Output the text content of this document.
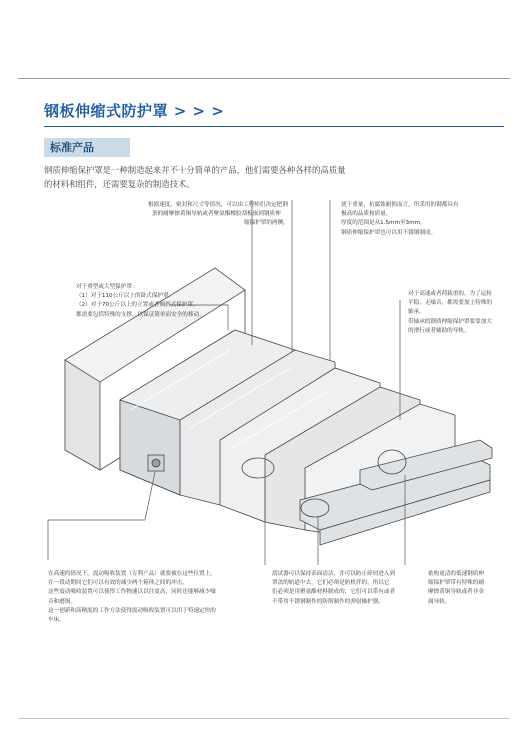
钢板伸缩式防护罩 > > >
标准产品
钢质伸缩保护罩是一种制造起来并不十分简单的产品，他们需要各种各样的高质量
的材料和组件，还需要复杂的制造技术。

根据速度，密封和尺寸等情况，可以由工程师们决定把钢

条的耐摩擦黄铜导轨或者聚氨酯橡胶刮板嵌到钢质伸

缩保护罩的两侧。

就干重量，抗腐蚀耐损而言，所采用的钢都具有

极高的品质和质量。

厚度的范围是从1.5mm至3mm，

钢质伸缩保护罩也可以用不锈钢制成。

对于重型或大型保护罩：

（1）对于110公斤以上的卧式保护罩。

（2）对于70公斤以上的立置或者倾斜式保护罩。

都需要包括特殊的支撑，以保证简单而安全的移动。

对于高速或者荷载重的，为了运转

平稳，无噪音，都需要加上特殊的

轴承。

带轴承的钢质伸缩保护罩要靠加大

的滑行或者辅助的导轨。

在高速的情况下，震动吸收装置（专利产品）就要被在这些位置上，

在一段动期间它们可以有效的减少两个箱体之间的冲击。

这些震动吸收装置可以使得工作物速以以往更高，同时还能够减少噪

音和磨损。

这一创新和高精度的工作方法使得震动吸收装置可以用于特速定快的

车床。

刮试器可以保持表面清洁，并可以防止碎屑进入到

罩盖的轨道中去，它们必须是防机伴的，所以它

们必须是用聚氨酯材料制成的，它们可以带有或者

不带用不锈钢制作的防削制作的弹射操护器。

依构更清的低速钢质伸

缩保护罩带有特殊的刷

摩擦黄铜导轨或者非金

属导轨。
